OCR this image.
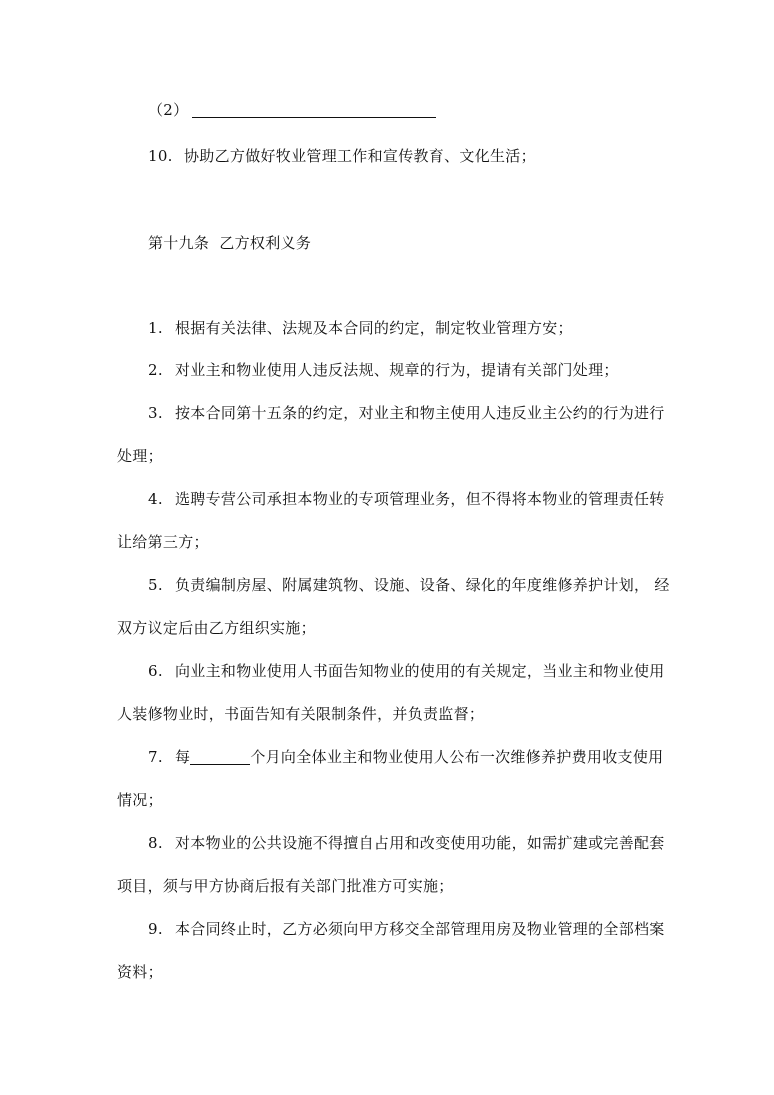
（2）
10. 协助乙方做好牧业管理工作和宣传教育、文化生活；
第十九条  乙方权利义务
1. 根据有关法律、法规及本合同的约定，制定牧业管理方安；
2. 对业主和物业使用人违反法规、规章的行为，提请有关部门处理；
3. 按本合同第十五条的约定，对业主和物主使用人违反业主公约的行为进行
处理；
4. 选聘专营公司承担本物业的专项管理业务，但不得将本物业的管理责任转
让给第三方；
5. 负责编制房屋、附属建筑物、设施、设备、绿化的年度维修养护计划， 经
双方议定后由乙方组织实施；
6. 向业主和物业使用人书面告知物业的使用的有关规定，当业主和物业使用
人装修物业时，书面告知有关限制条件，并负责监督；
7. 每	个月向全体业主和物业使用人公布一次维修养护费用收支使用
情况；
8. 对本物业的公共设施不得擅自占用和改变使用功能，如需扩建或完善配套
项目，须与甲方协商后报有关部门批准方可实施；
9. 本合同终止时，乙方必须向甲方移交全部管理用房及物业管理的全部档案
资料；
